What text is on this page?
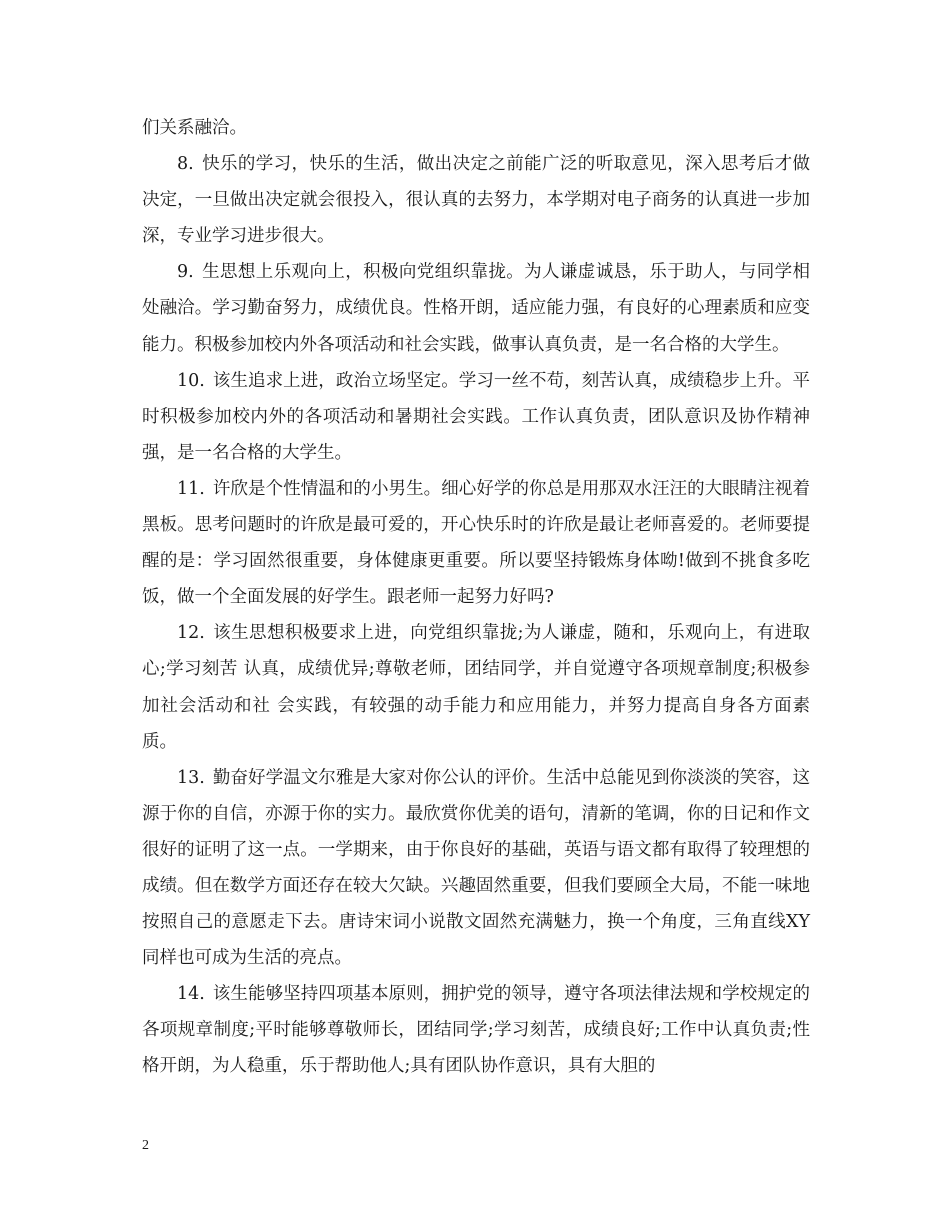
们关系融洽。

8. 快乐的学习，快乐的生活，做出决定之前能广泛的听取意见，深入思考后才做决定，一旦做出决定就会很投入，很认真的去努力，本学期对电子商务的认真进一步加深，专业学习进步很大。

9. 生思想上乐观向上，积极向党组织靠拢。为人谦虚诚恳，乐于助人，与同学相处融洽。学习勤奋努力，成绩优良。性格开朗，适应能力强，有良好的心理素质和应变能力。积极参加校内外各项活动和社会实践，做事认真负责，是一名合格的大学生。

10. 该生追求上进，政治立场坚定。学习一丝不苟，刻苦认真，成绩稳步上升。平时积极参加校内外的各项活动和暑期社会实践。工作认真负责，团队意识及协作精神强，是一名合格的大学生。

11. 许欣是个性情温和的小男生。细心好学的你总是用那双水汪汪的大眼睛注视着黑板。思考问题时的许欣是最可爱的，开心快乐时的许欣是最让老师喜爱的。老师要提醒的是：学习固然很重要，身体健康更重要。所以要坚持锻炼身体呦!做到不挑食多吃饭，做一个全面发展的好学生。跟老师一起努力好吗?

12. 该生思想积极要求上进，向党组织靠拢;为人谦虚，随和，乐观向上，有进取心;学习刻苦 认真，成绩优异;尊敬老师，团结同学，并自觉遵守各项规章制度;积极参加社会活动和社 会实践，有较强的动手能力和应用能力，并努力提高自身各方面素质。

13. 勤奋好学温文尔雅是大家对你公认的评价。生活中总能见到你淡淡的笑容，这源于你的自信，亦源于你的实力。最欣赏你优美的语句，清新的笔调，你的日记和作文很好的证明了这一点。一学期来，由于你良好的基础，英语与语文都有取得了较理想的成绩。但在数学方面还存在较大欠缺。兴趣固然重要，但我们要顾全大局，不能一味地按照自己的意愿走下去。唐诗宋词小说散文固然充满魅力，换一个角度，三角直线XY同样也可成为生活的亮点。

14. 该生能够坚持四项基本原则，拥护党的领导，遵守各项法律法规和学校规定的各项规章制度;平时能够尊敬师长，团结同学;学习刻苦，成绩良好;工作中认真负责;性格开朗，为人稳重，乐于帮助他人;具有团队协作意识，具有大胆的

2
